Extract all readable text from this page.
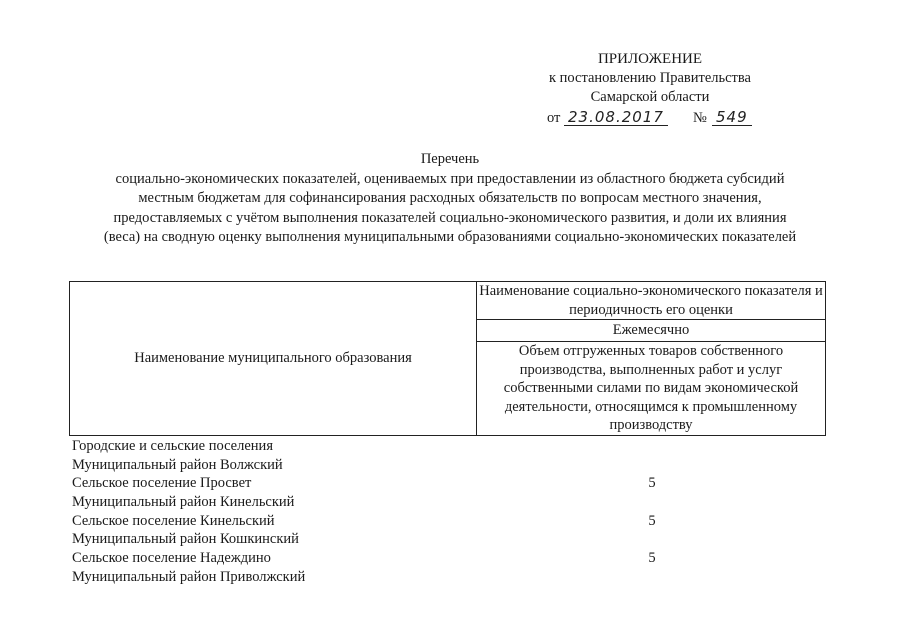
ПРИЛОЖЕНИЕ
к постановлению Правительства
Самарской области
от 23.08.2017 № 549
Перечень
социально-экономических показателей, оцениваемых при предоставлении из областного бюджета субсидий
местным бюджетам для софинансирования расходных обязательств по вопросам местного значения,
предоставляемых с учётом выполнения показателей социально-экономического развития, и доли их влияния
(веса) на сводную оценку выполнения муниципальными образованиями социально-экономических показателей
Наименование муниципального образования
Наименование социально-экономического показателя и периодичность его оценки
Ежемесячно
Объем отгруженных товаров собственного производства, выполненных работ и услуг собственными силами по видам экономической деятельности, относящимся к промышленному производству
Городские и сельские поселения
Муниципальный район Волжский
Сельское поселение Просвет	5
Муниципальный район Кинельский
Сельское поселение Кинельский	5
Муниципальный район Кошкинский
Сельское поселение Надеждино	5
Муниципальный район Приволжский
